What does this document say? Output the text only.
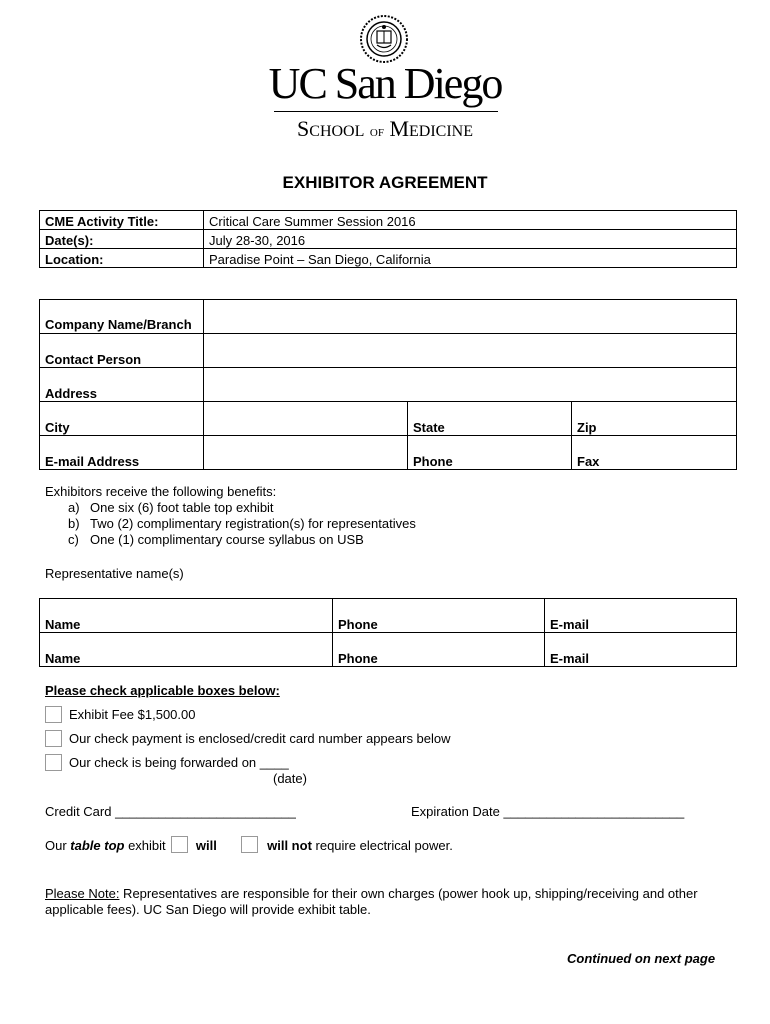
UC San Diego
SCHOOL OF MEDICINE
EXHIBITOR AGREEMENT
CME Activity Title:	Critical Care Summer Session 2016
Date(s):	July 28-30, 2016
Location:	Paradise Point – San Diego, California
Company Name/Branch			
Contact Person			
Address			
City		State	Zip
E-mail Address		Phone	Fax
Exhibitors receive the following benefits:
a) One six (6) foot table top exhibit
b) Two (2) complimentary registration(s) for representatives
c) One (1) complimentary course syllabus on USB
Representative name(s)
Name	Phone	E-mail
Name	Phone	E-mail
Please check applicable boxes below:
Exhibit Fee $1,500.00
Our check payment is enclosed/credit card number appears below
Our check is being forwarded on ____
(date)
Credit Card _________________________	Expiration Date _________________________
Our table top exhibit will	will not require electrical power.
Please Note: Representatives are responsible for their own charges (power hook up, shipping/receiving and other applicable fees). UC San Diego will provide exhibit table.
Continued on next page
